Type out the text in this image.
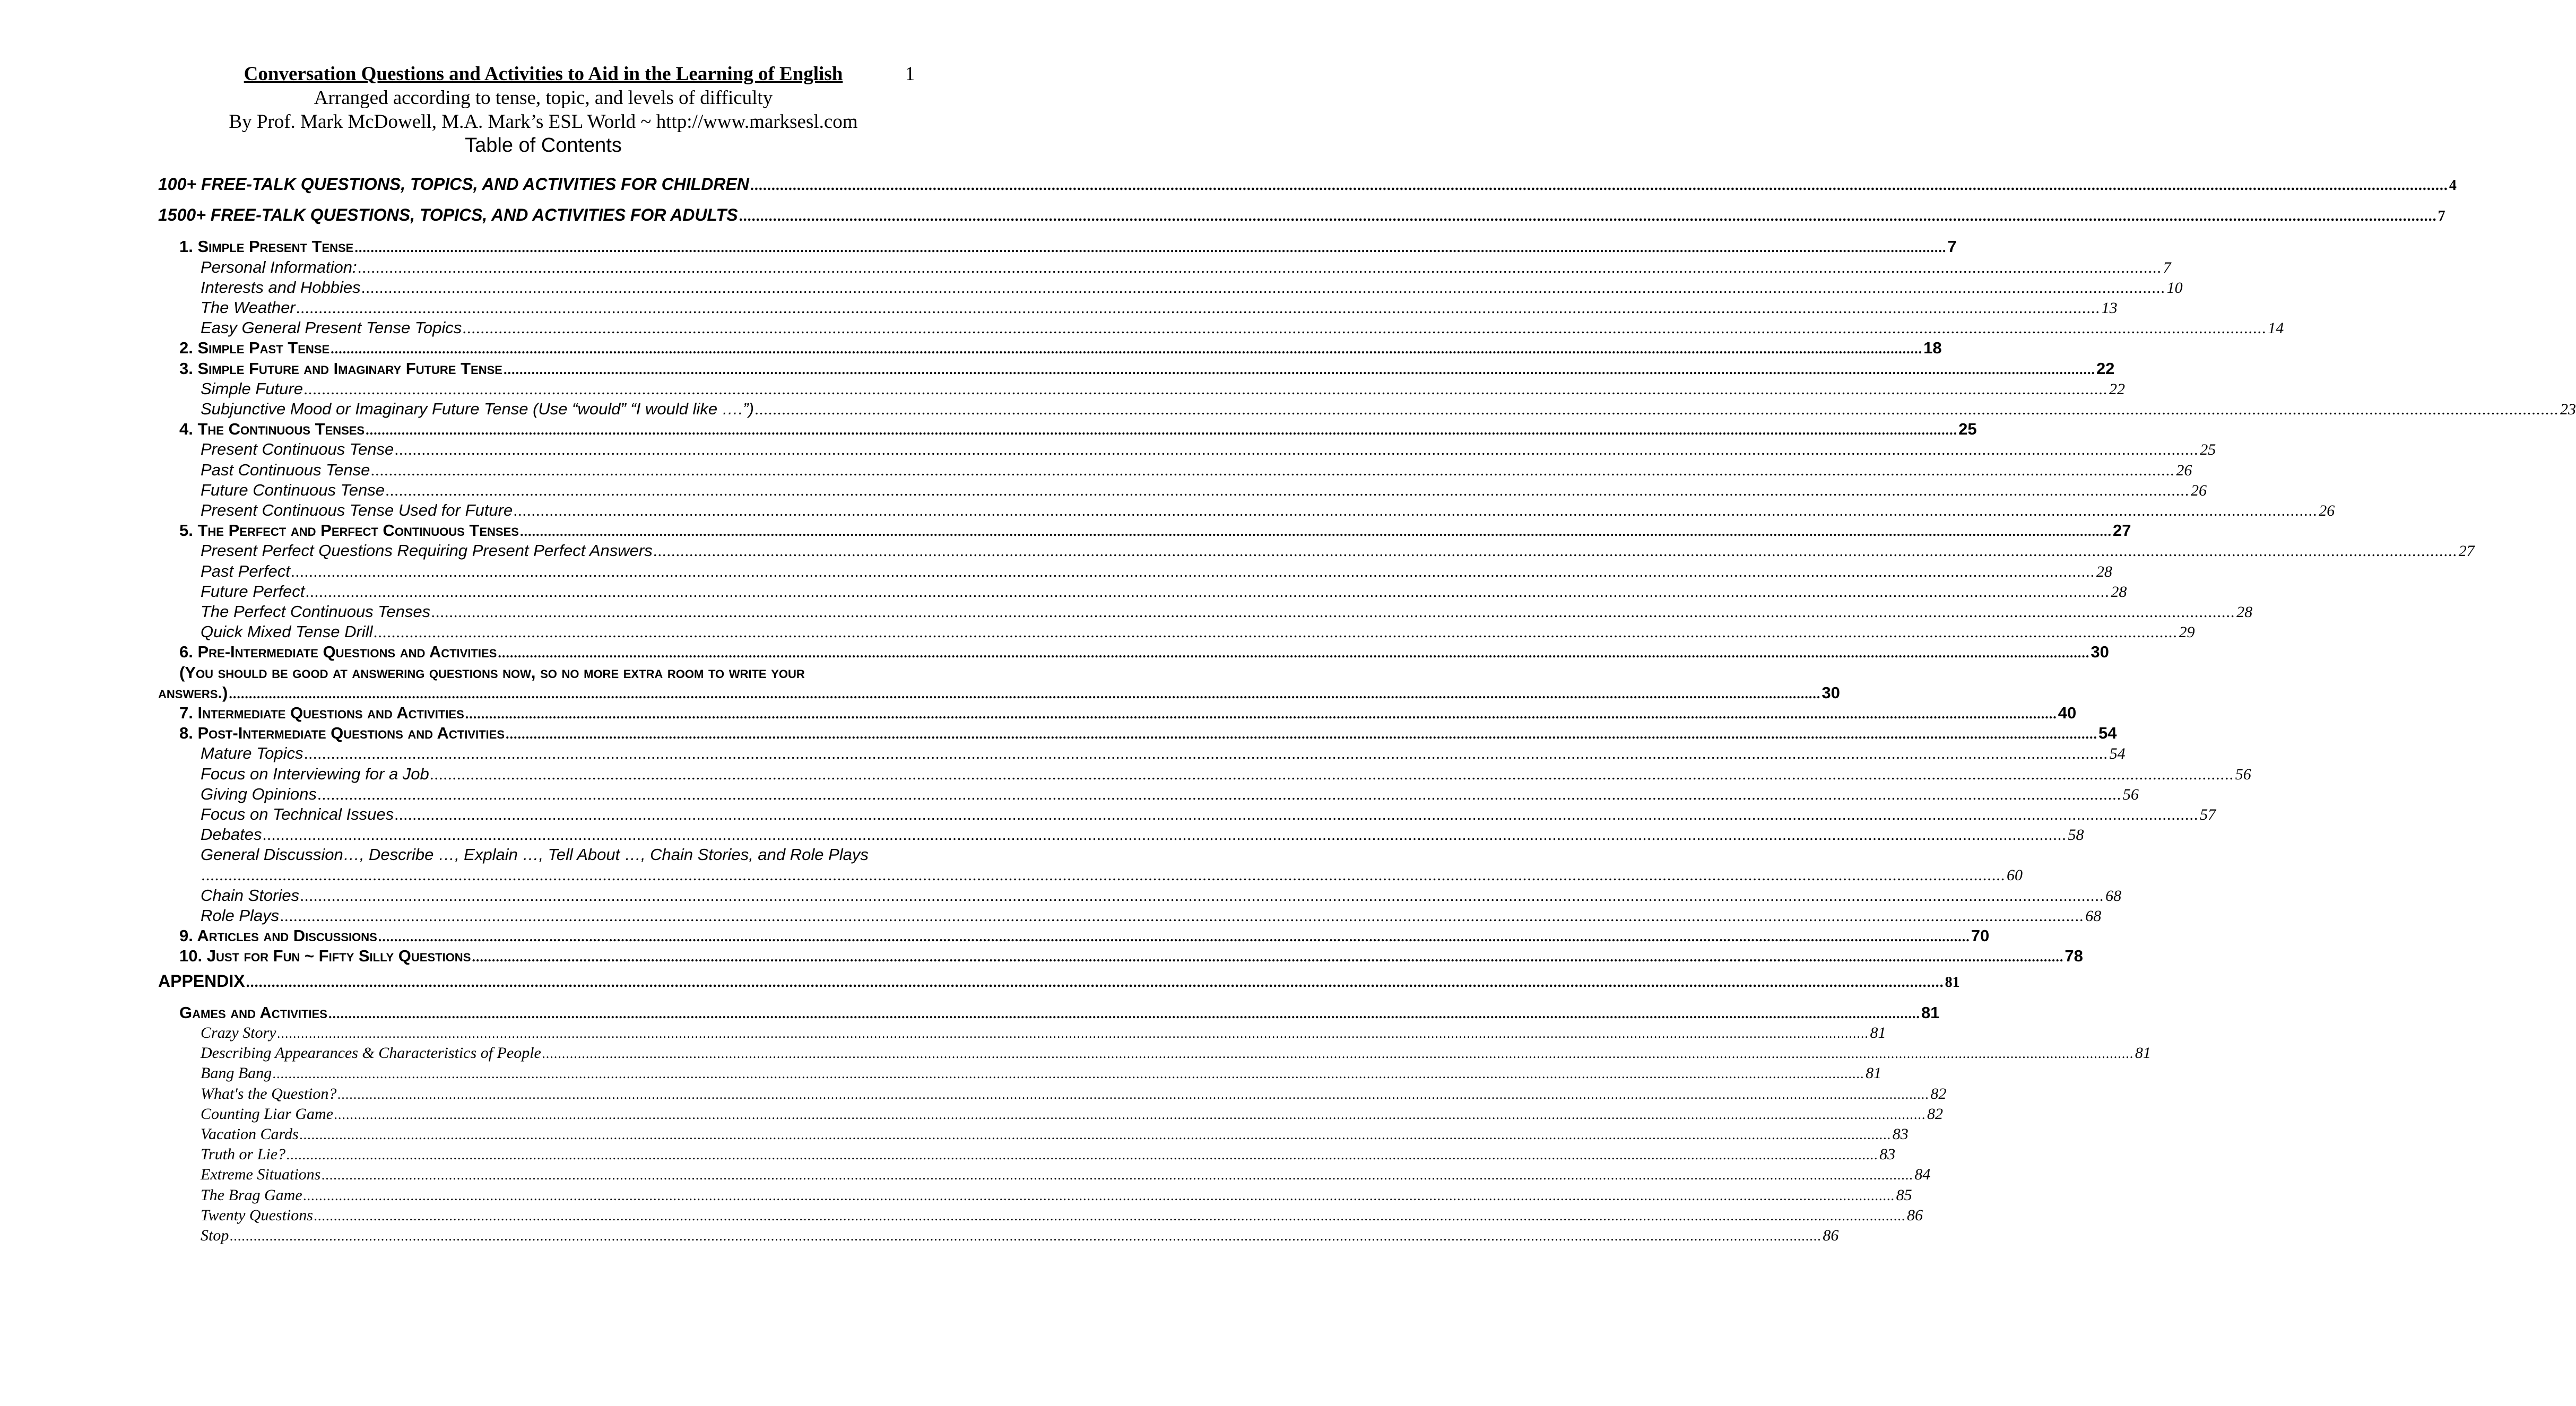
Conversation Questions and Activities to Aid in the Learning of English	1
Arranged according to tense, topic, and levels of difficulty
By Prof. Mark McDowell, M.A. Mark’s ESL World ~ http://www.marksesl.com
Table of Contents
100+ FREE-TALK QUESTIONS, TOPICS, AND ACTIVITIES FOR CHILDREN ................................................................................................................................................................................................................................................................................................................................................................................................................ 4
1500+ FREE-TALK QUESTIONS, TOPICS, AND ACTIVITIES FOR ADULTS ................................................................................................................................................................................................................................................................................................................................................................................................................ 7
1. Simple Present Tense ................................................................................................................................................................................................................................................................................................................................................................................................................ 7
Personal Information: ................................................................................................................................................................................................................................................................................................................................................................................................................ 7
Interests and Hobbies ................................................................................................................................................................................................................................................................................................................................................................................................................ 10
The Weather ................................................................................................................................................................................................................................................................................................................................................................................................................ 13
Easy General Present Tense Topics ................................................................................................................................................................................................................................................................................................................................................................................................................ 14
2. Simple Past Tense ................................................................................................................................................................................................................................................................................................................................................................................................................ 18
3. Simple Future and Imaginary Future Tense ................................................................................................................................................................................................................................................................................................................................................................................................................ 22
Simple Future ................................................................................................................................................................................................................................................................................................................................................................................................................ 22
Subjunctive Mood or Imaginary Future Tense (Use “would” “I would like ….”) ................................................................................................................................................................................................................................................................................................................................................................................................................ 23
4. The Continuous Tenses ................................................................................................................................................................................................................................................................................................................................................................................................................ 25
Present Continuous Tense ................................................................................................................................................................................................................................................................................................................................................................................................................ 25
Past Continuous Tense ................................................................................................................................................................................................................................................................................................................................................................................................................ 26
Future Continuous Tense ................................................................................................................................................................................................................................................................................................................................................................................................................ 26
Present Continuous Tense Used for Future ................................................................................................................................................................................................................................................................................................................................................................................................................ 26
5. The Perfect and Perfect Continuous Tenses ................................................................................................................................................................................................................................................................................................................................................................................................................ 27
Present Perfect Questions Requiring Present Perfect Answers ................................................................................................................................................................................................................................................................................................................................................................................................................ 27
Past Perfect ................................................................................................................................................................................................................................................................................................................................................................................................................ 28
Future Perfect ................................................................................................................................................................................................................................................................................................................................................................................................................ 28
The Perfect Continuous Tenses ................................................................................................................................................................................................................................................................................................................................................................................................................ 28
Quick Mixed Tense Drill ................................................................................................................................................................................................................................................................................................................................................................................................................ 29
6. Pre-Intermediate Questions and Activities ................................................................................................................................................................................................................................................................................................................................................................................................................ 30
(You should be good at answering questions now, so no more extra room to write your
answers.) ................................................................................................................................................................................................................................................................................................................................................................................................................ 30
7. Intermediate Questions and Activities ................................................................................................................................................................................................................................................................................................................................................................................................................ 40
8. Post-Intermediate Questions and Activities ................................................................................................................................................................................................................................................................................................................................................................................................................ 54
Mature Topics ................................................................................................................................................................................................................................................................................................................................................................................................................ 54
Focus on Interviewing for a Job ................................................................................................................................................................................................................................................................................................................................................................................................................ 56
Giving Opinions ................................................................................................................................................................................................................................................................................................................................................................................................................ 56
Focus on Technical Issues ................................................................................................................................................................................................................................................................................................................................................................................................................ 57
Debates ................................................................................................................................................................................................................................................................................................................................................................................................................ 58
General Discussion…, Describe …, Explain …, Tell About …, Chain Stories, and Role Plays
................................................................................................................................................................................................................................................................................................................................................................................................................ 60
Chain Stories ................................................................................................................................................................................................................................................................................................................................................................................................................ 68
Role Plays ................................................................................................................................................................................................................................................................................................................................................................................................................ 68
9. Articles and Discussions ................................................................................................................................................................................................................................................................................................................................................................................................................ 70
10. Just for Fun ~ Fifty Silly Questions ................................................................................................................................................................................................................................................................................................................................................................................................................ 78
APPENDIX ................................................................................................................................................................................................................................................................................................................................................................................................................ 81
Games and Activities ................................................................................................................................................................................................................................................................................................................................................................................................................ 81
Crazy Story ................................................................................................................................................................................................................................................................................................................................................................................................................ 81
Describing Appearances & Characteristics of People ................................................................................................................................................................................................................................................................................................................................................................................................................ 81
Bang Bang ................................................................................................................................................................................................................................................................................................................................................................................................................ 81
What's the Question? ................................................................................................................................................................................................................................................................................................................................................................................................................ 82
Counting Liar Game ................................................................................................................................................................................................................................................................................................................................................................................................................ 82
Vacation Cards ................................................................................................................................................................................................................................................................................................................................................................................................................ 83
Truth or Lie? ................................................................................................................................................................................................................................................................................................................................................................................................................ 83
Extreme Situations ................................................................................................................................................................................................................................................................................................................................................................................................................ 84
The Brag Game ................................................................................................................................................................................................................................................................................................................................................................................................................ 85
Twenty Questions ................................................................................................................................................................................................................................................................................................................................................................................................................ 86
Stop ................................................................................................................................................................................................................................................................................................................................................................................................................ 86
